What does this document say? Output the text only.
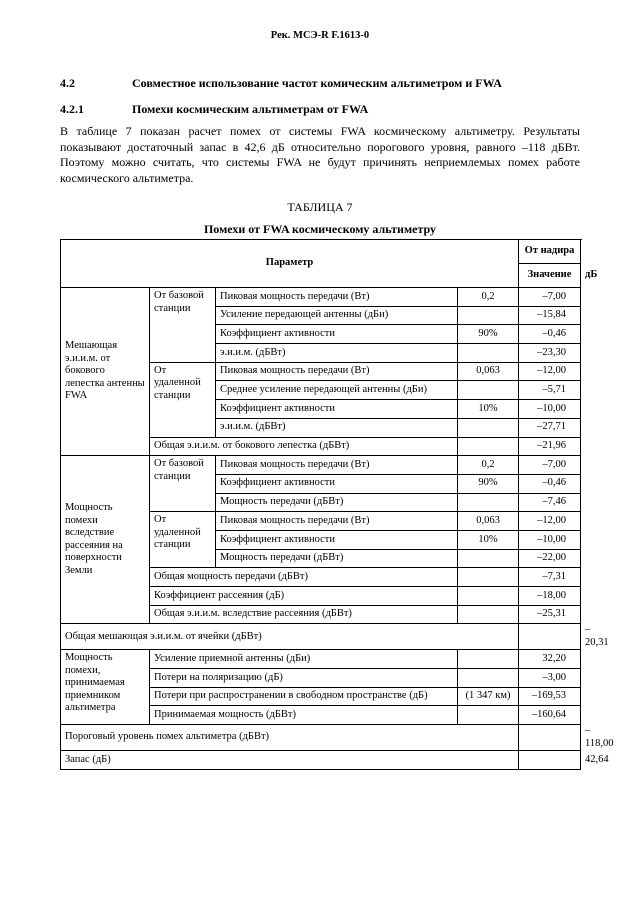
Рек. МСЭ-R F.1613-0
4.2	Совместное использование частот комическим альтиметром и FWA
4.2.1	Помехи космическим альтиметрам от FWA
В таблице 7 показан расчет помех от системы FWA космическому альтиметру. Результаты показывают достаточный запас в 42,6 дБ относительно порогового уровня, равного –118 дБВт. Поэтому можно считать, что системы FWA не будут причинять неприемлемых помех работе космического альтиметра.
ТАБЛИЦА 7
Помехи от FWA космическому альтиметру
Параметр				От надира	
				Значение	дБ
Мешающая э.и.и.м. от бокового лепестка антенны FWA	От базовой станции	Пиковая мощность передачи (Вт)	0,2	–7,00	
		Усиление передающей антенны (дБи)		–15,84	
		Коэффициент активности	90%	–0,46	
		э.и.и.м. (дБВт)		–23,30	
	От удаленной станции	Пиковая мощность передачи (Вт)	0,063	–12,00	
		Среднее усиление передающей антенны (дБи)		–5,71	
		Коэффициент активности	10%	–10,00	
		э.и.и.м. (дБВт)		–27,71	
	Общая э.и.и.м. от бокового лепестка (дБВт)			–21,96	
Мощность помехи вследствие рассеяния на поверхности Земли	От базовой станции	Пиковая мощность передачи (Вт)	0,2	–7,00	
		Коэффициент активности	90%	–0,46	
		Мощность передачи (дБВт)		–7,46	
	От удаленной станции	Пиковая мощность передачи (Вт)	0,063	–12,00	
		Коэффициент активности	10%	–10,00	
		Мощность передачи (дБВт)		–22,00	
	Общая мощность передачи (дБВт)			–7,31	
	Коэффициент рассеяния (дБ)			–18,00	
	Общая э.и.и.м. вследствие рассеяния (дБВт)			–25,31	
Общая мешающая э.и.и.м. от ячейки (дБВт)					–20,31
Мощность помехи, принимаемая приемником альтиметра	Усиление приемной антенны (дБи)			32,20	
	Потери на поляризацию (дБ)			–3,00	
	Потери при распространении в свободном пространстве (дБ)		(1 347 км)	–169,53	
	Принимаемая мощность (дБВт)			–160,64	
Пороговый уровень помех альтиметра (дБВт)					–118,00
Запас (дБ)					42,64
